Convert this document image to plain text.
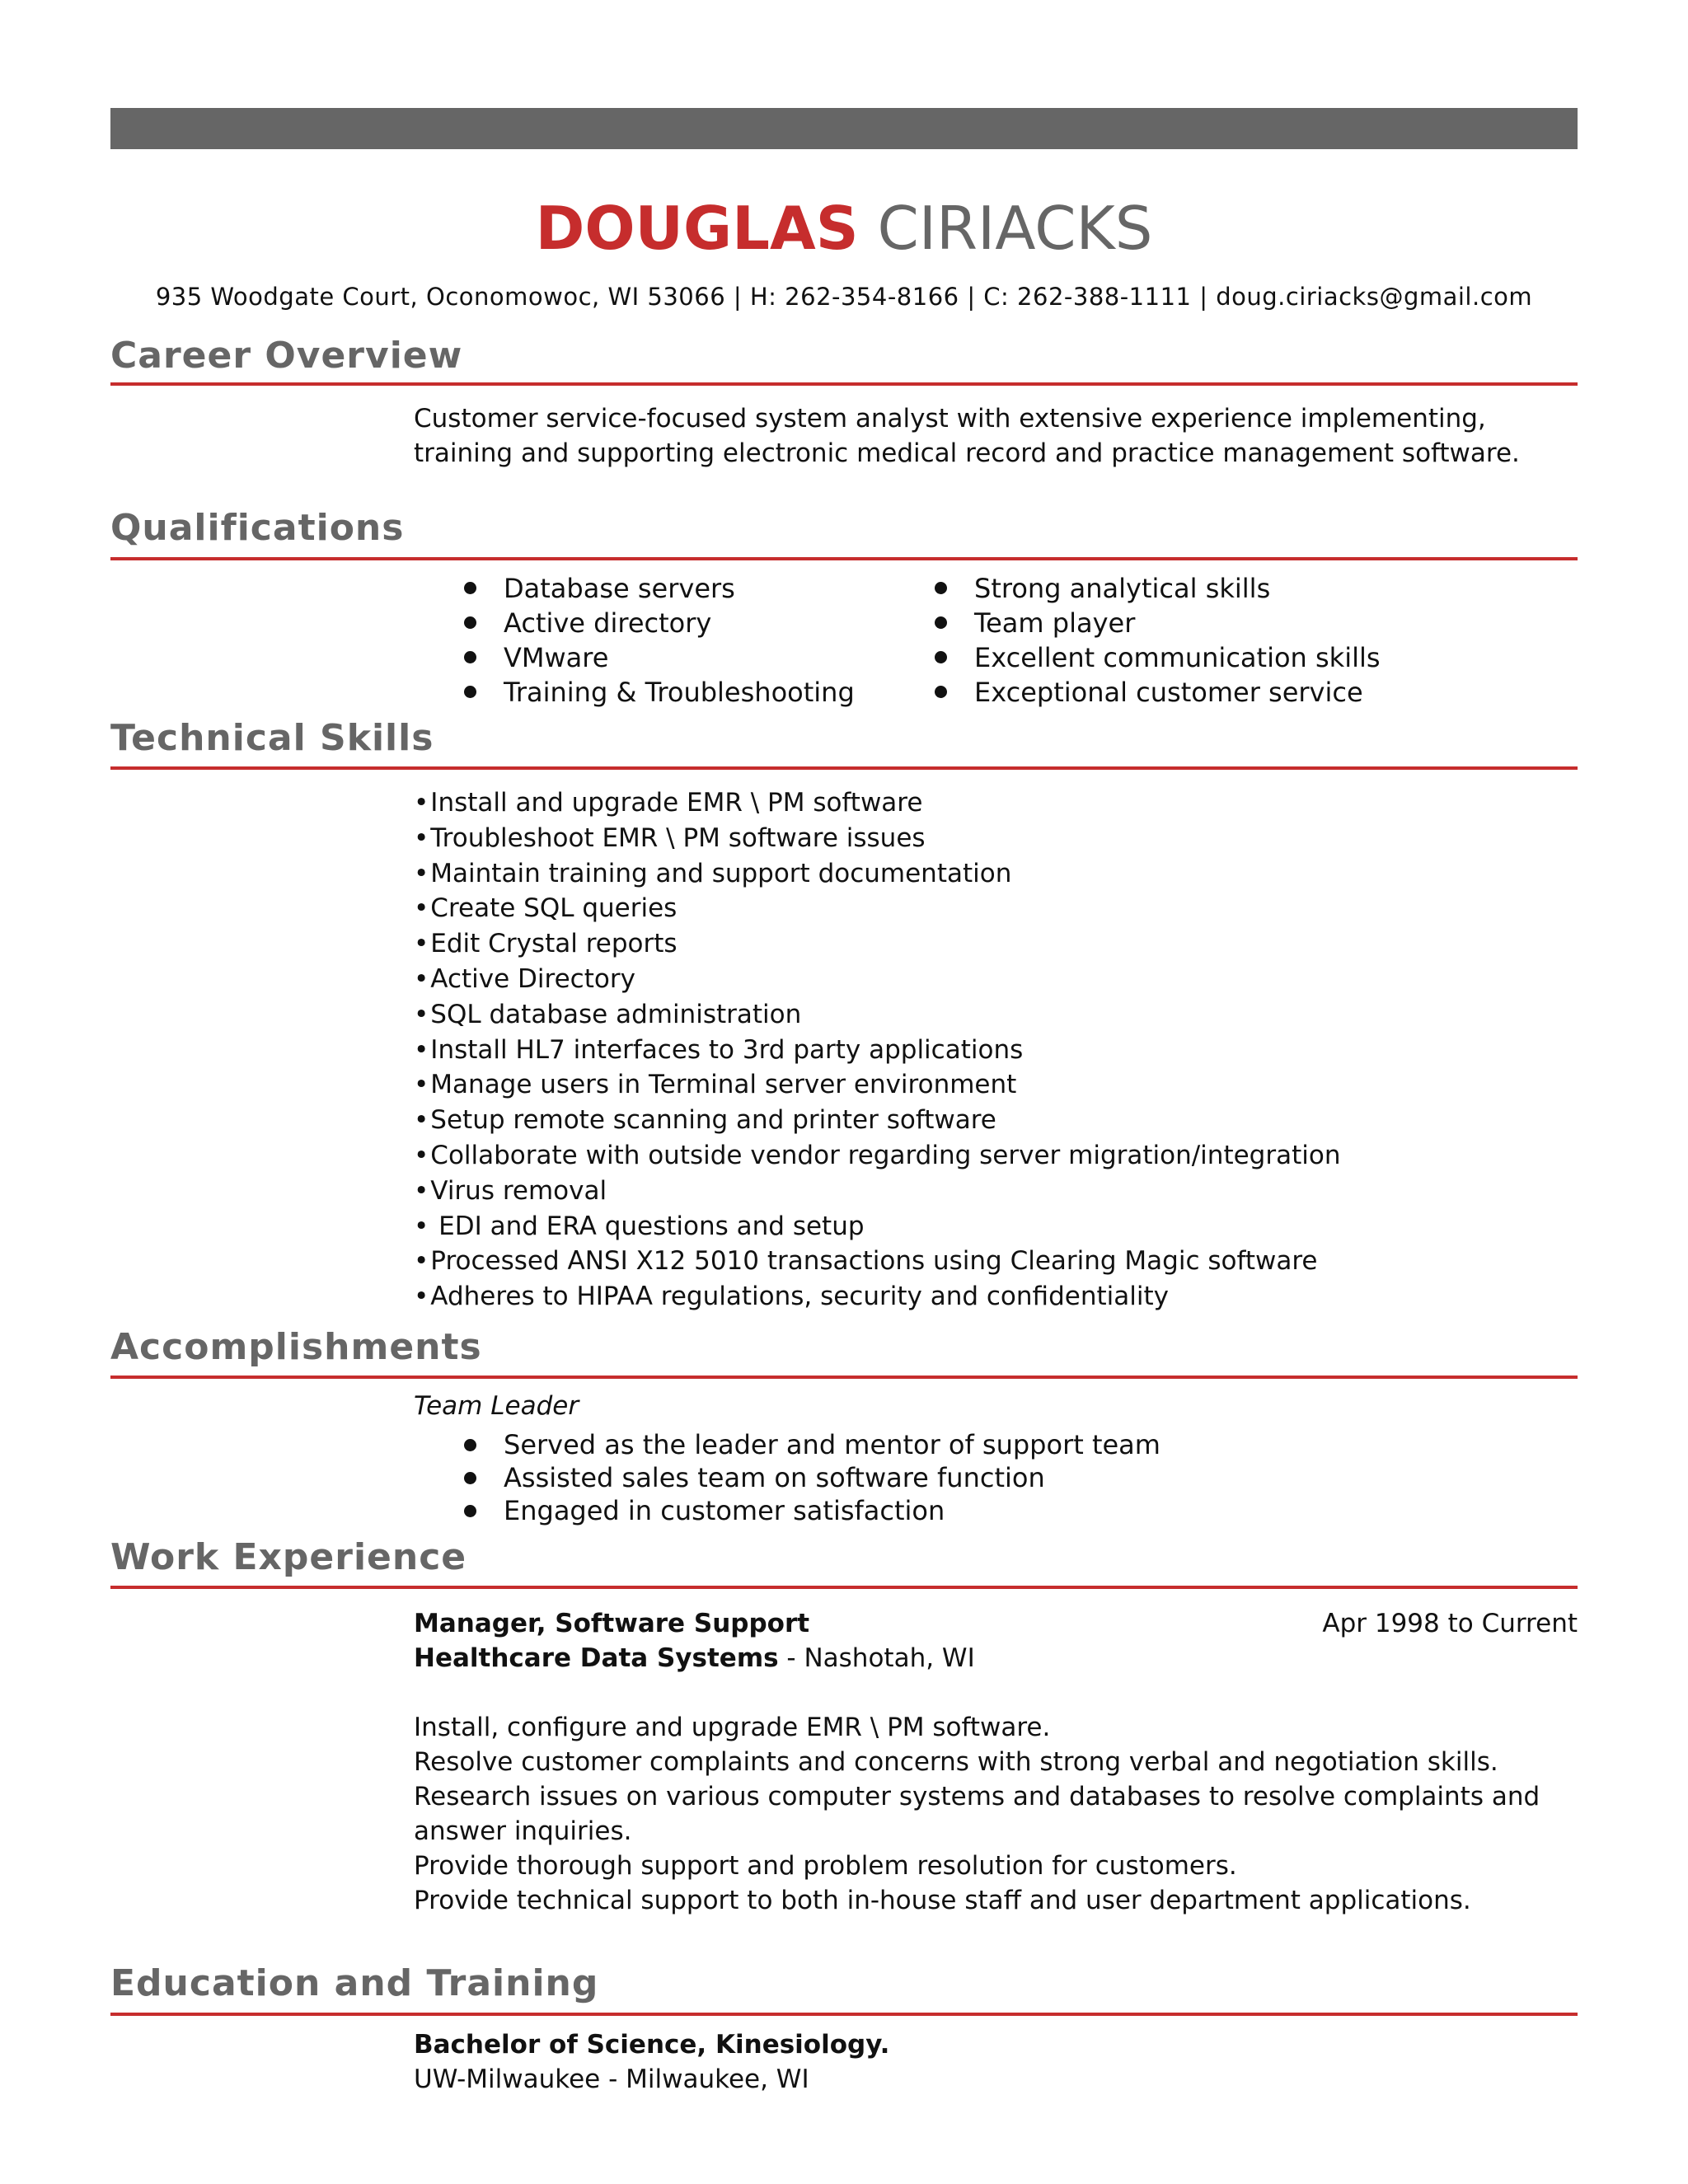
DOUGLAS CIRIACKS
935 Woodgate Court, Oconomowoc, WI 53066 | H: 262-354-8166 | C: 262-388-1111 | doug.ciriacks@gmail.com
Career Overview

Customer service-focused system analyst with extensive experience implementing, training and supporting electronic medical record and practice management software.

Qualifications
Database servers
Active directory
VMware
Training & Troubleshooting
Strong analytical skills
Team player
Excellent communication skills
Exceptional customer service
Technical Skills
• Install and upgrade EMR \ PM software
• Troubleshoot EMR \ PM software issues
• Maintain training and support documentation
• Create SQL queries
• Edit Crystal reports
• Active Directory
• SQL database administration
• Install HL7 interfaces to 3rd party applications
• Manage users in Terminal server environment
• Setup remote scanning and printer software
• Collaborate with outside vendor regarding server migration/integration
• Virus removal
• EDI and ERA questions and setup
• Processed ANSI X12 5010 transactions using Clearing Magic software
• Adheres to HIPAA regulations, security and confidentiality
Accomplishments
Team Leader
Served as the leader and mentor of support team
Assisted sales team on software function
Engaged in customer satisfaction
Work Experience
Manager, Software Support	Apr 1998 to Current
Healthcare Data Systems - Nashotah, WI

Install, configure and upgrade EMR \ PM software.

Resolve customer complaints and concerns with strong verbal and negotiation skills.

Research issues on various computer systems and databases to resolve complaints and answer inquiries.

Provide thorough support and problem resolution for customers.

Provide technical support to both in-house staff and user department applications.

Education and Training
Bachelor of Science, Kinesiology.
UW-Milwaukee - Milwaukee, WI
